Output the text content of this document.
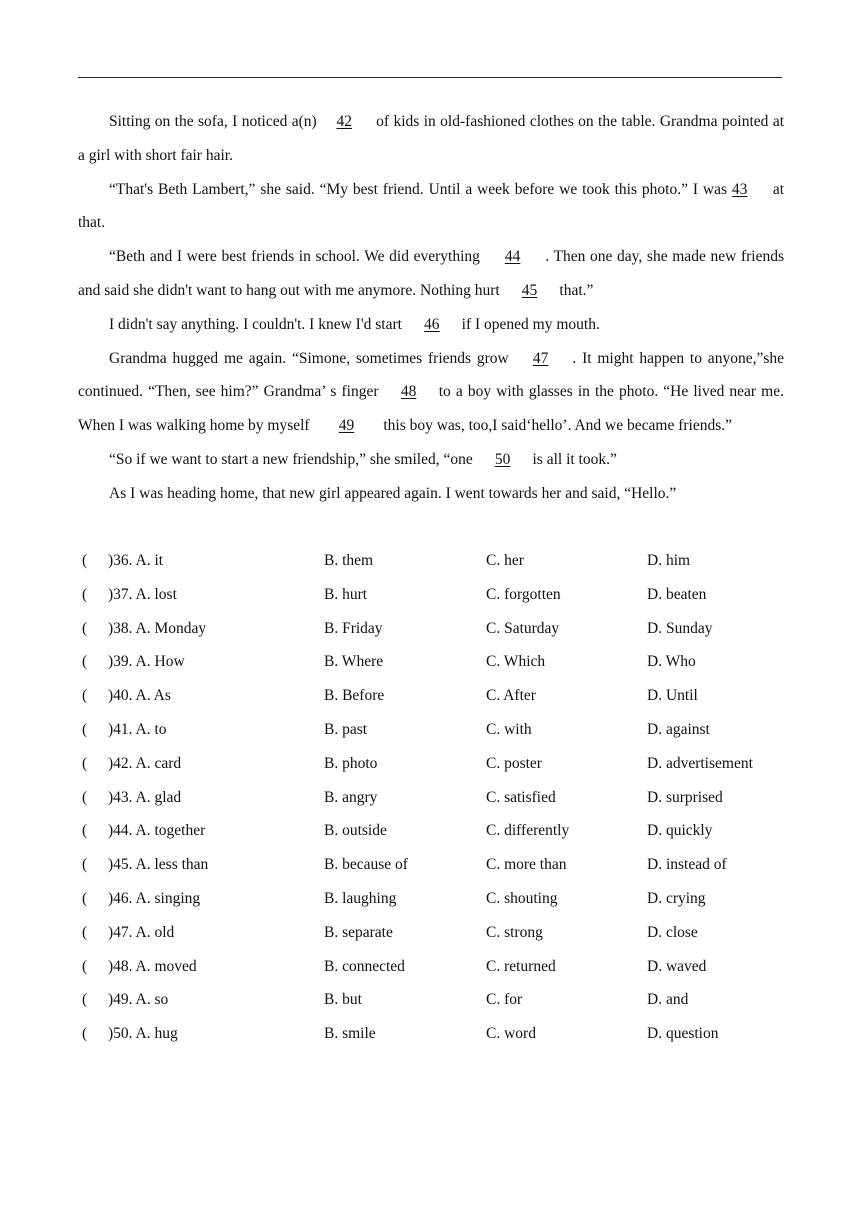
Sitting on the sofa, I noticed a(n) 42 of kids in old-fashioned clothes on the table. Grandma pointed at a girl with short fair hair.

“That's Beth Lambert,” she said. “My best friend. Until a week before we took this photo.” I was 43 at that.

“Beth and I were best friends in school. We did everything 44 . Then one day, she made new friends and said she didn't want to hang out with me anymore. Nothing hurt 45 that.”

I didn't say anything. I couldn't. I knew I'd start 46 if I opened my mouth.

Grandma hugged me again. “Simone, sometimes friends grow 47 . It might happen to anyone,”she continued. “Then, see him?” Grandma’ s finger 48 to a boy with glasses in the photo. “He lived near me. When I was walking home by myself 49 this boy was, too,I said‘hello’. And we became friends.”

“So if we want to start a new friendship,” she smiled, “one 50 is all it took.”

As I was heading home, that new girl appeared again. I went towards her and said, “Hello.”

( )36. A. it	B. them	C. her	D. him
( )37. A. lost	B. hurt	C. forgotten	D. beaten
( )38. A. Monday	B. Friday	C. Saturday	D. Sunday
( )39. A. How	B. Where	C. Which	D. Who
( )40. A. As	B. Before	C. After	D. Until
( )41. A. to	B. past	C. with	D. against
( )42. A. card	B. photo	C. poster	D. advertisement
( )43. A. glad	B. angry	C. satisfied	D. surprised
( )44. A. together	B. outside	C. differently	D. quickly
( )45. A. less than	B. because of	C. more than	D. instead of
( )46. A. singing	B. laughing	C. shouting	D. crying
( )47. A. old	B. separate	C. strong	D. close
( )48. A. moved	B. connected	C. returned	D. waved
( )49. A. so	B. but	C. for	D. and
( )50. A. hug	B. smile	C. word	D. question
